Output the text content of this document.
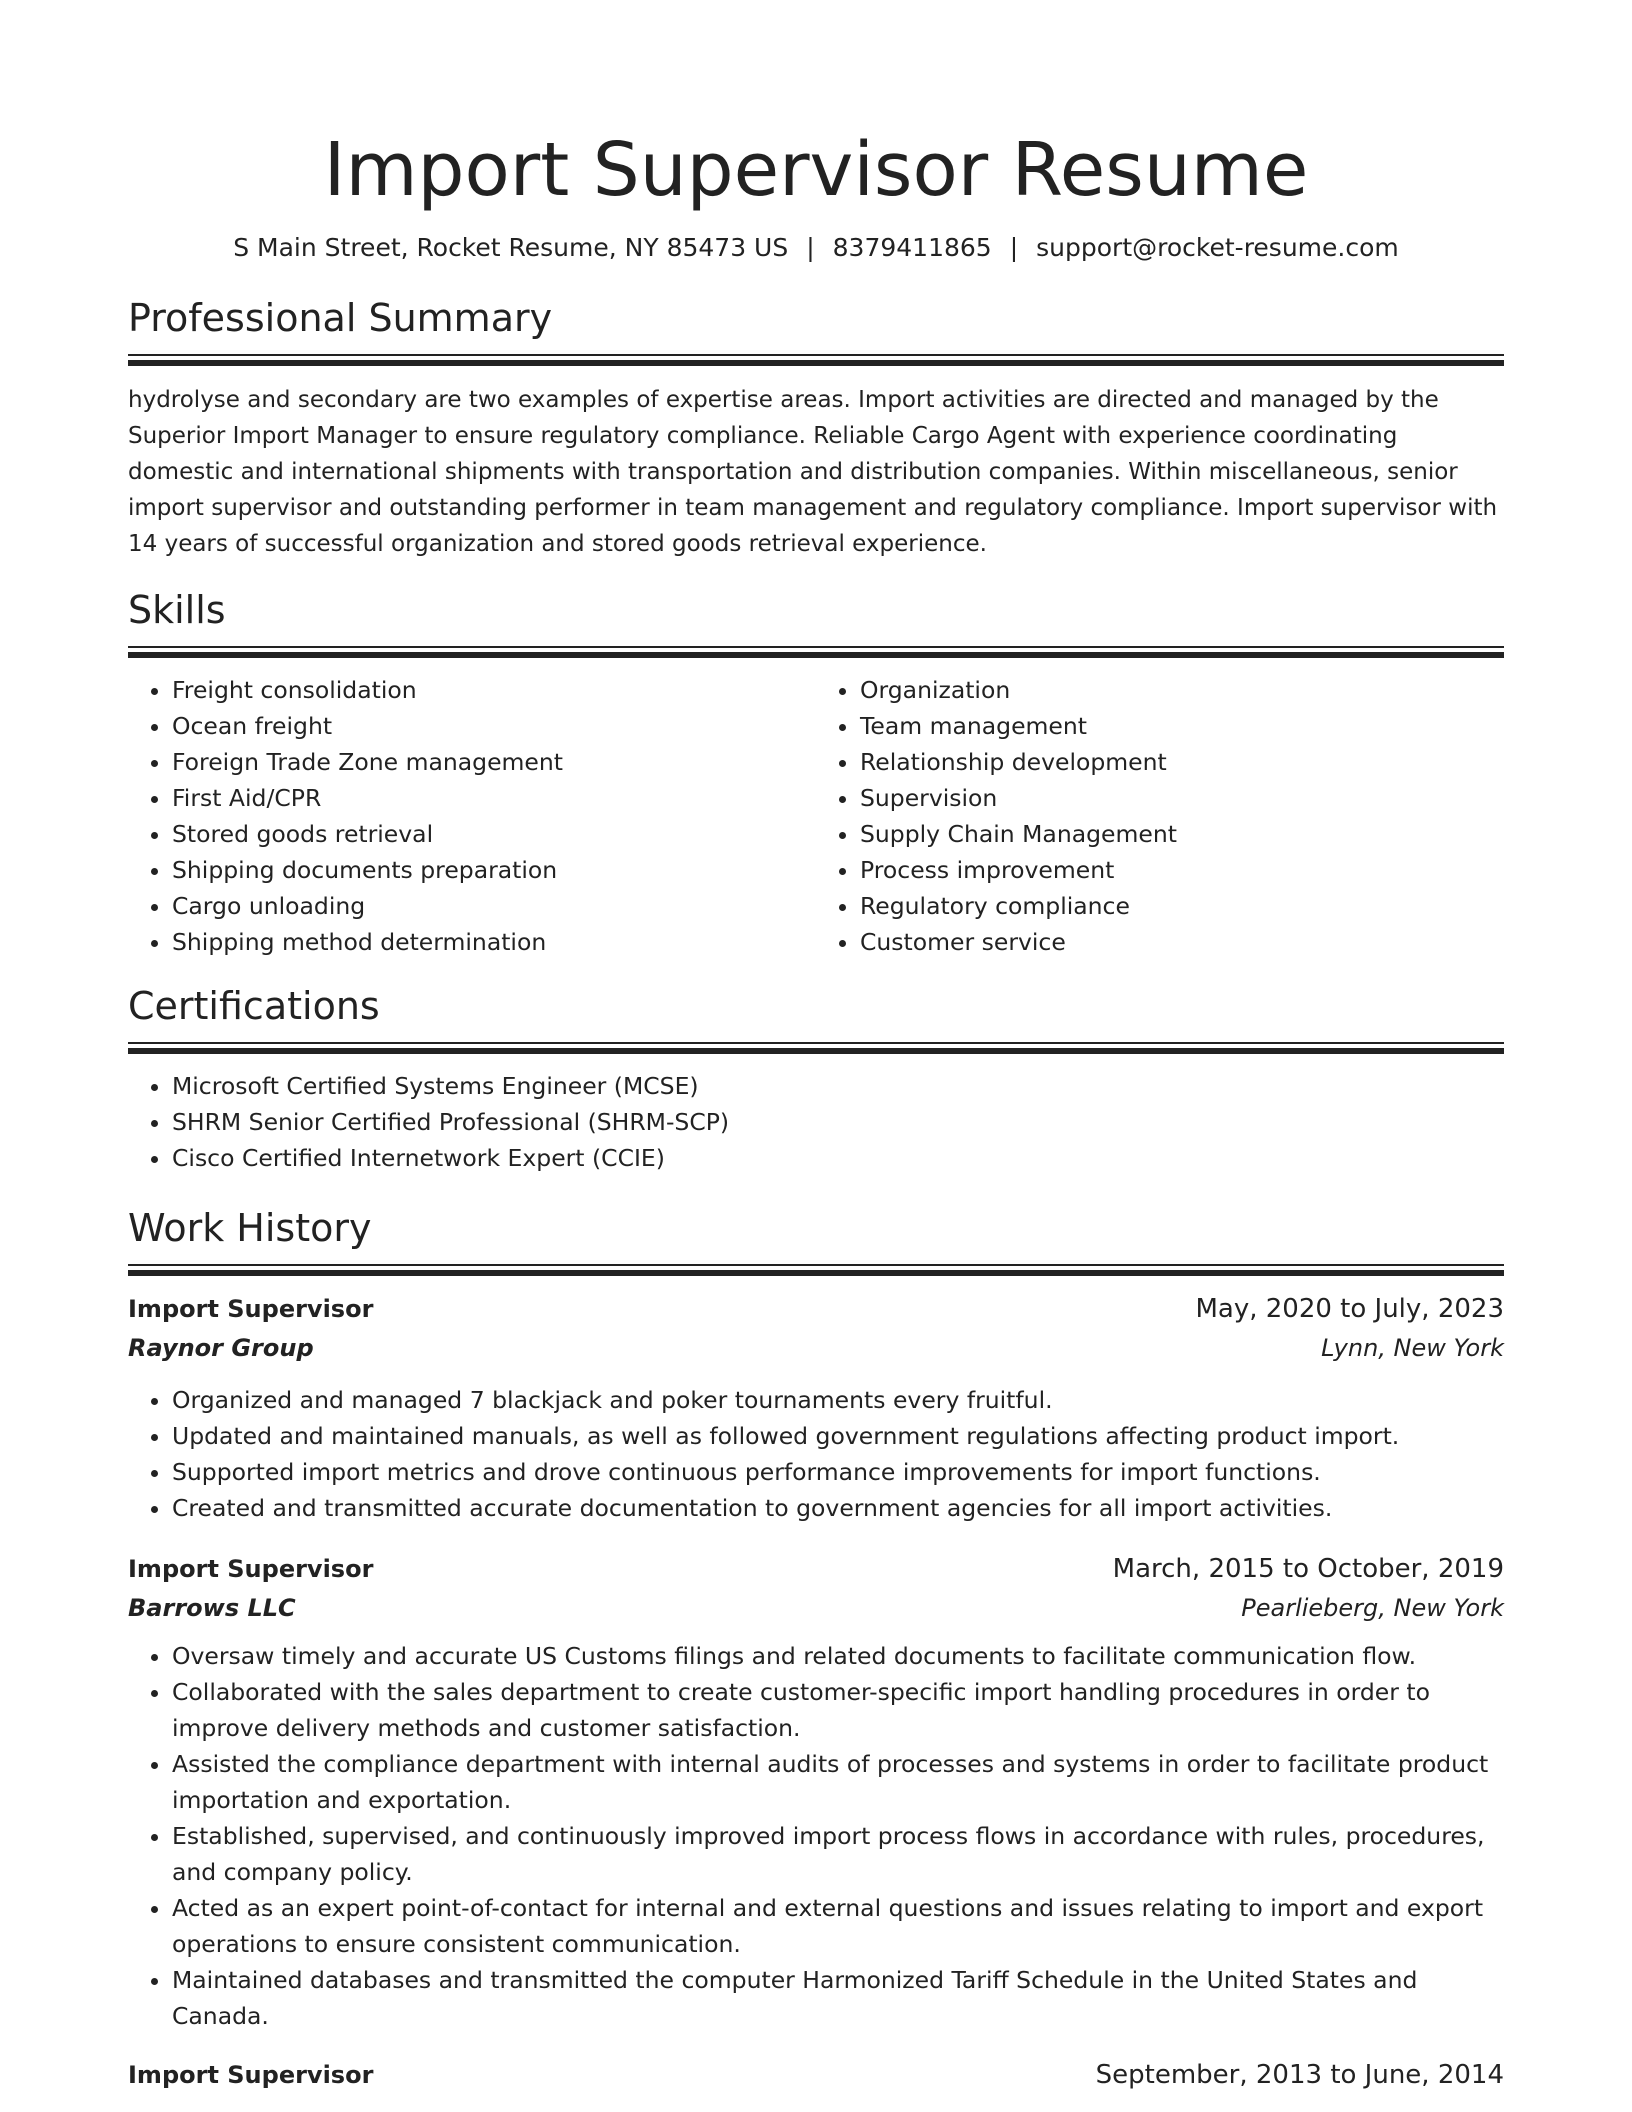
Import Supervisor Resume
S Main Street, Rocket Resume, NY 85473 US | 8379411865 | support@rocket-resume.com
Professional Summary

hydrolyse and secondary are two examples of expertise areas. Import activities are directed and managed by the Superior Import Manager to ensure regulatory compliance. Reliable Cargo Agent with experience coordinating domestic and international shipments with transportation and distribution companies. Within miscellaneous, senior import supervisor and outstanding performer in team management and regulatory compliance. Import supervisor with 14 years of successful organization and stored goods retrieval experience.

Skills
• Freight consolidation
• Ocean freight
• Foreign Trade Zone management
• First Aid/CPR
• Stored goods retrieval
• Shipping documents preparation
• Cargo unloading
• Shipping method determination
• Organization
• Team management
• Relationship development
• Supervision
• Supply Chain Management
• Process improvement
• Regulatory compliance
• Customer service
Certifications
• Microsoft Certified Systems Engineer (MCSE)
• SHRM Senior Certified Professional (SHRM-SCP)
• Cisco Certified Internetwork Expert (CCIE)
Work History
Import Supervisor	May, 2020 to July, 2023
Raynor Group	Lynn, New York
• Organized and managed 7 blackjack and poker tournaments every fruitful.
• Updated and maintained manuals, as well as followed government regulations affecting product import.
• Supported import metrics and drove continuous performance improvements for import functions.
• Created and transmitted accurate documentation to government agencies for all import activities.
Import Supervisor	March, 2015 to October, 2019
Barrows LLC	Pearlieberg, New York
• Oversaw timely and accurate US Customs filings and related documents to facilitate communication flow.
• Collaborated with the sales department to create customer-specific import handling procedures in order to improve delivery methods and customer satisfaction.
• Assisted the compliance department with internal audits of processes and systems in order to facilitate product importation and exportation.
• Established, supervised, and continuously improved import process flows in accordance with rules, procedures, and company policy.
• Acted as an expert point-of-contact for internal and external questions and issues relating to import and export operations to ensure consistent communication.
• Maintained databases and transmitted the computer Harmonized Tariff Schedule in the United States and Canada.
Import Supervisor	September, 2013 to June, 2014
